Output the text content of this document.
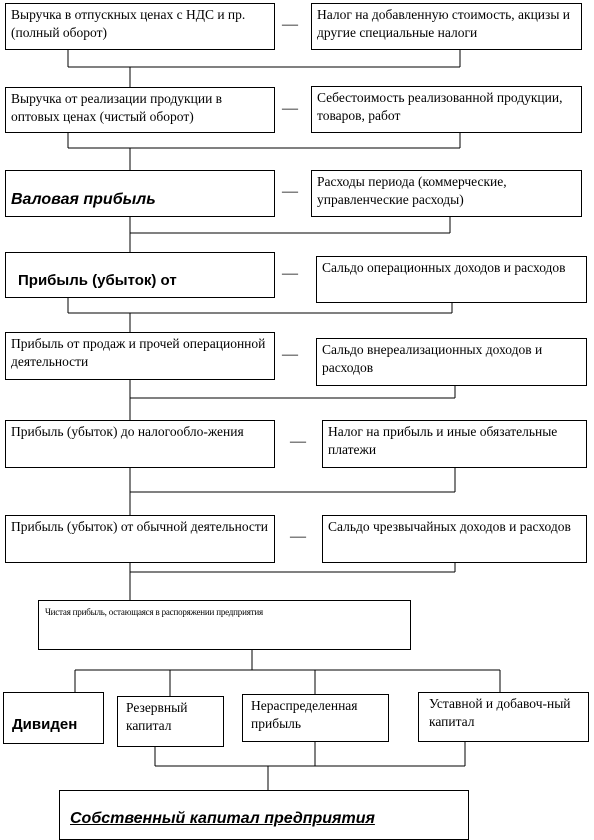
Выручка в отпускных ценах с НДС и пр. (полный оборот)	—
Налог на добавленную стоимость, акцизы и другие специальные налоги
Выручка от реализации продукции в оптовых ценах (чистый оборот)	—
Себестоимость реализованной продукции, товаров, работ
Валовая прибыль	—
Расходы периода (коммерческие, управленческие расходы)
Прибыль (убыток) от	—	Сальдо операционных доходов и расходов
Прибыль от продаж и прочей операционной деятельности	—	Сальдо внереализационных доходов и расходов
Прибыль (убыток) до налогообло-жения
—
Налог на прибыль и иные обязательные платежи
Прибыль (убыток) от обычной деятельности
—
Сальдо чрезвычайных доходов и расходов
Чистая прибыль, остающаяся в распоряжении предприятия
Дивиден
Резервный капитал
Нераспределенная прибыль
Уставной и добавоч-ный капитал
Собственный капитал предприятия
